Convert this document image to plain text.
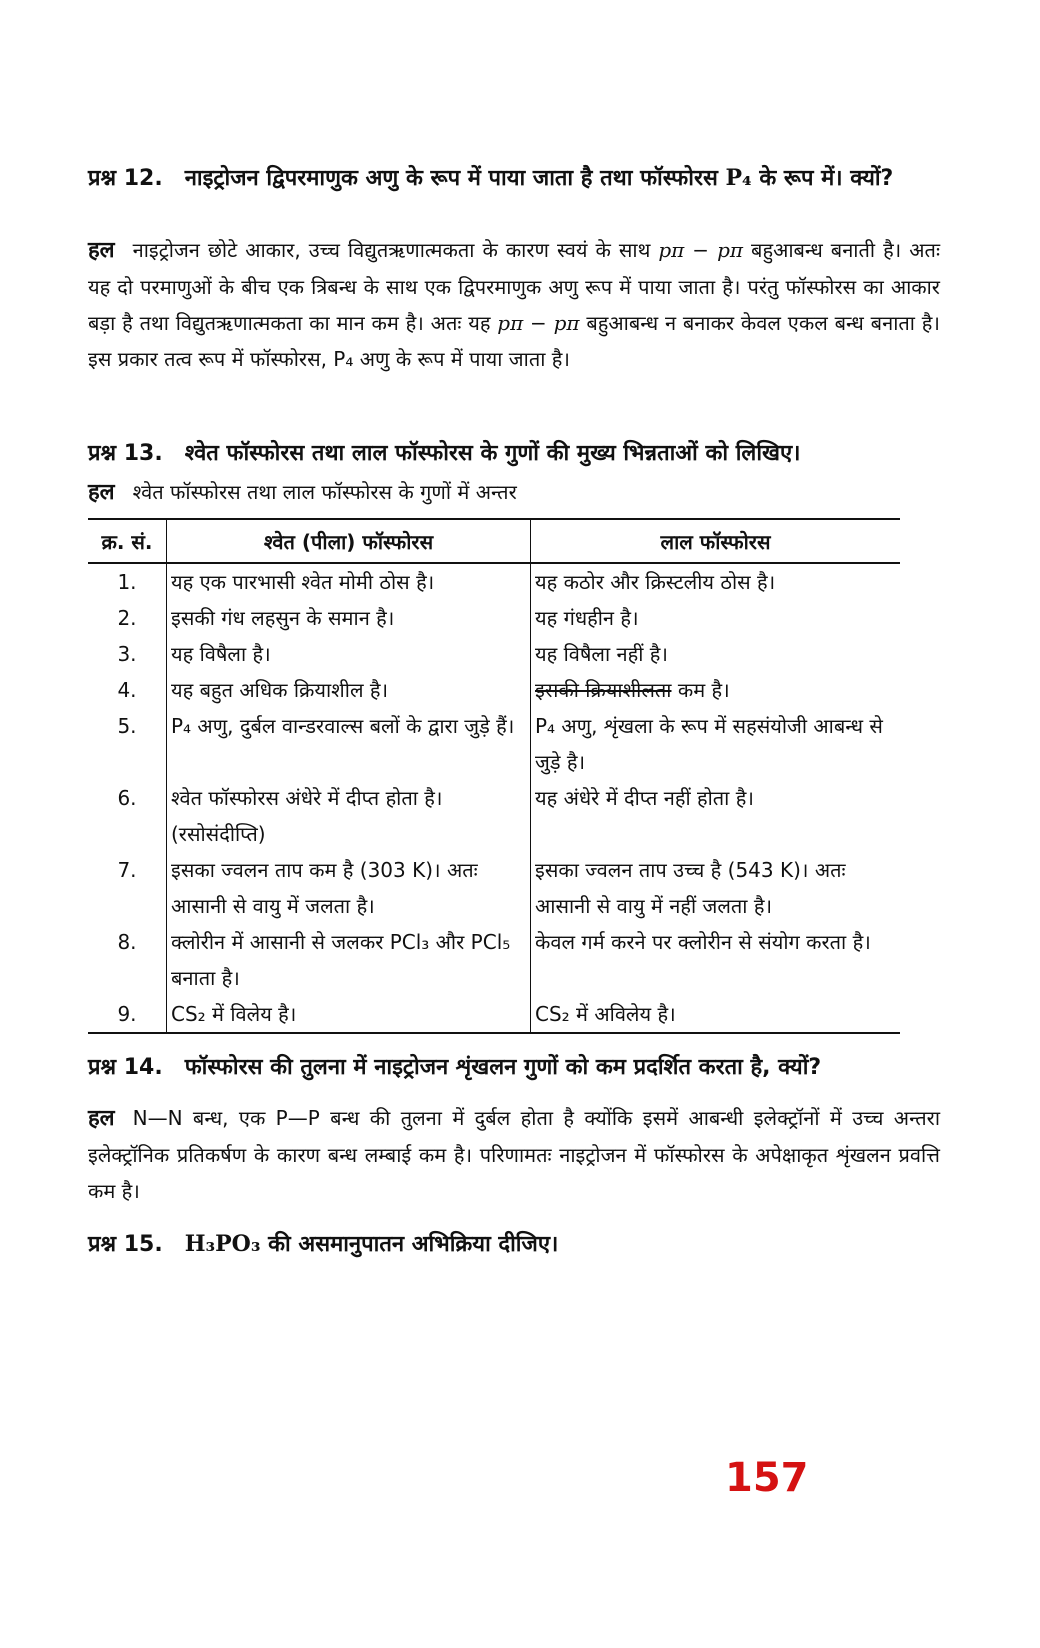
प्रश्न 12. नाइट्रोजन द्विपरमाणुक अणु के रूप में पाया जाता है तथा फॉस्फोरस P₄ के रूप में। क्यों?

हल नाइट्रोजन छोटे आकार, उच्च विद्युतऋणात्मकता के कारण स्वयं के साथ pπ − pπ बहुआबन्ध बनाती है। अतः यह दो परमाणुओं के बीच एक त्रिबन्ध के साथ एक द्विपरमाणुक अणु रूप में पाया जाता है। परंतु फॉस्फोरस का आकार बड़ा है तथा विद्युतऋणात्मकता का मान कम है। अतः यह pπ − pπ बहुआबन्ध न बनाकर केवल एकल बन्ध बनाता है। इस प्रकार तत्व रूप में फॉस्फोरस, P₄ अणु के रूप में पाया जाता है।

प्रश्न 13. श्वेत फॉस्फोरस तथा लाल फॉस्फोरस के गुणों की मुख्य भिन्नताओं को लिखिए।

हल श्वेत फॉस्फोरस तथा लाल फॉस्फोरस के गुणों में अन्तर

क्र. सं.	श्वेत (पीला) फॉस्फोरस	लाल फॉस्फोरस
1.	यह एक पारभासी श्वेत मोमी ठोस है।	यह कठोर और क्रिस्टलीय ठोस है।
2.	इसकी गंध लहसुन के समान है।	यह गंधहीन है।
3.	यह विषैला है।	यह विषैला नहीं है।
4.	यह बहुत अधिक क्रियाशील है।	इसकी क्रियाशीलता कम है।
5.	P₄ अणु, दुर्बल वान्डरवाल्स बलों के द्वारा जुड़े हैं।	P₄ अणु, शृंखला के रूप में सहसंयोजी आबन्ध से जुड़े है।
6.	श्वेत फॉस्फोरस अंधेरे में दीप्त होता है। (रसोसंदीप्ति)	यह अंधेरे में दीप्त नहीं होता है।
7.	इसका ज्वलन ताप कम है (303 K)। अतः आसानी से वायु में जलता है।	इसका ज्वलन ताप उच्च है (543 K)। अतः आसानी से वायु में नहीं जलता है।
8.	क्लोरीन में आसानी से जलकर PCl₃ और PCl₅ बनाता है।	केवल गर्म करने पर क्लोरीन से संयोग करता है।
9.	CS₂ में विलेय है।	CS₂ में अविलेय है।

प्रश्न 14. फॉस्फोरस की तुलना में नाइट्रोजन शृंखलन गुणों को कम प्रदर्शित करता है, क्यों?

हल N—N बन्ध, एक P—P बन्ध की तुलना में दुर्बल होता है क्योंकि इसमें आबन्धी इलेक्ट्रॉनों में उच्च अन्तरा इलेक्ट्रॉनिक प्रतिकर्षण के कारण बन्ध लम्बाई कम है। परिणामतः नाइट्रोजन में फॉस्फोरस के अपेक्षाकृत शृंखलन प्रवत्ति कम है।

प्रश्न 15. H₃PO₃ की असमानुपातन अभिक्रिया दीजिए।

157
